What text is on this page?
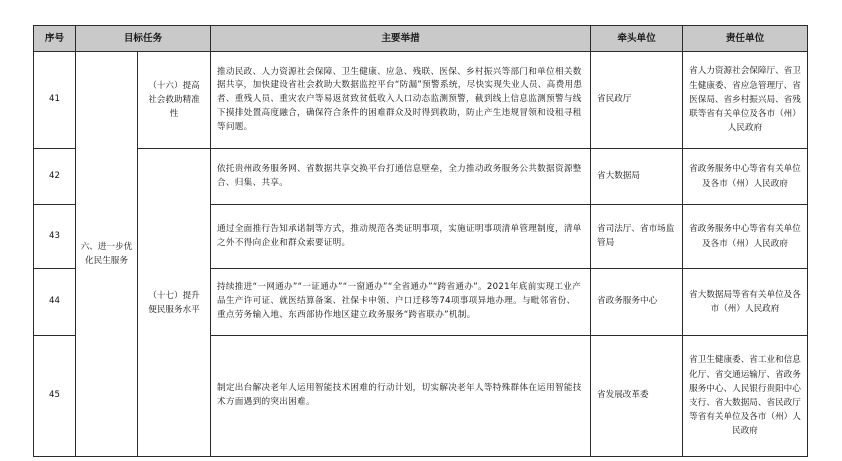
序号	目标任务		主要举措	牵头单位	责任单位
41	六、进一步优化民生服务	（十六）提高社会救助精准性	推动民政、人力资源社会保障、卫生健康、应急、残联、医保、乡村振兴等部门和单位相关数据共享，加快建设省社会救助大数据监控平台“防漏”预警系统，尽快实现失业人员、高费用患者、重残人员、重灾农户等易返贫致贫低收入人口动态监测预警，截到线上信息监测预警与线下摸排处置高度融合，确保符合条件的困难群众及时得到救助，防止产生违规冒领和设租寻租等问题。	省民政厅	省人力资源社会保障厅、省卫生健康委、省应急管理厅、省医保局、省乡村振兴局、省残联等省有关单位及各市（州）人民政府
42		（十七）提升便民服务水平	依托贵州政务服务网、省数据共享交换平台打通信息壁垒，全力推动政务服务公共数据资源整合、归集、共享。	省大数据局	省政务服务中心等省有关单位及各市（州）人民政府
43			通过全面推行告知承诺制等方式，推动规范各类证明事项，实施证明事项清单管理制度，清单之外不得向企业和群众索要证明。	省司法厅、省市场监管局	省政务服务中心等省有关单位及各市（州）人民政府
44			持续推进“一网通办”“一证通办”“一窗通办”“全省通办”“跨省通办”。2021年底前实现工业产品生产许可证、就医结算备案、社保卡申领、户口迁移等74项事项异地办理。与毗邻省份、重点劳务输入地、东西部协作地区建立政务服务“跨省联办”机制。	省政务服务中心	省大数据局等省有关单位及各市（州）人民政府
45			制定出台解决老年人运用智能技术困难的行动计划，切实解决老年人等特殊群体在运用智能技术方面遇到的突出困难。	省发展改革委	省卫生健康委、省工业和信息化厅、省交通运输厅、省政务服务中心、人民银行贵阳中心支行、省大数据局、省民政厅等省有关单位及各市（州）人民政府
